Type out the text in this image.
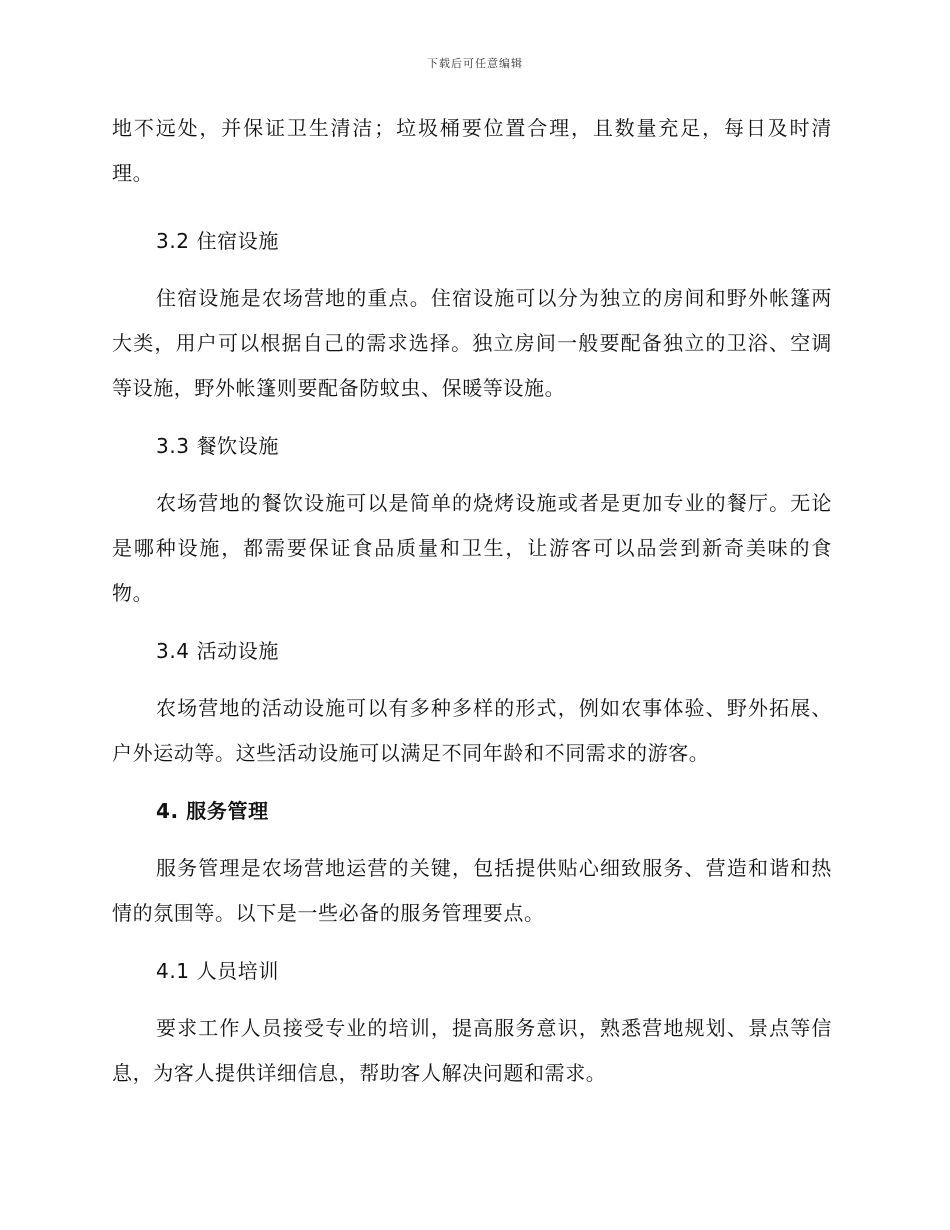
下载后可任意编辑

地不远处，并保证卫生清洁；垃圾桶要位置合理，且数量充足，每日及时清理。

3.2 住宿设施

住宿设施是农场营地的重点。住宿设施可以分为独立的房间和野外帐篷两大类，用户可以根据自己的需求选择。独立房间一般要配备独立的卫浴、空调等设施，野外帐篷则要配备防蚊虫、保暖等设施。

3.3 餐饮设施

农场营地的餐饮设施可以是简单的烧烤设施或者是更加专业的餐厅。无论是哪种设施，都需要保证食品质量和卫生，让游客可以品尝到新奇美味的食物。

3.4 活动设施

农场营地的活动设施可以有多种多样的形式，例如农事体验、野外拓展、户外运动等。这些活动设施可以满足不同年龄和不同需求的游客。

4. 服务管理

服务管理是农场营地运营的关键，包括提供贴心细致服务、营造和谐和热情的氛围等。以下是一些必备的服务管理要点。

4.1 人员培训

要求工作人员接受专业的培训，提高服务意识，熟悉营地规划、景点等信息，为客人提供详细信息，帮助客人解决问题和需求。
